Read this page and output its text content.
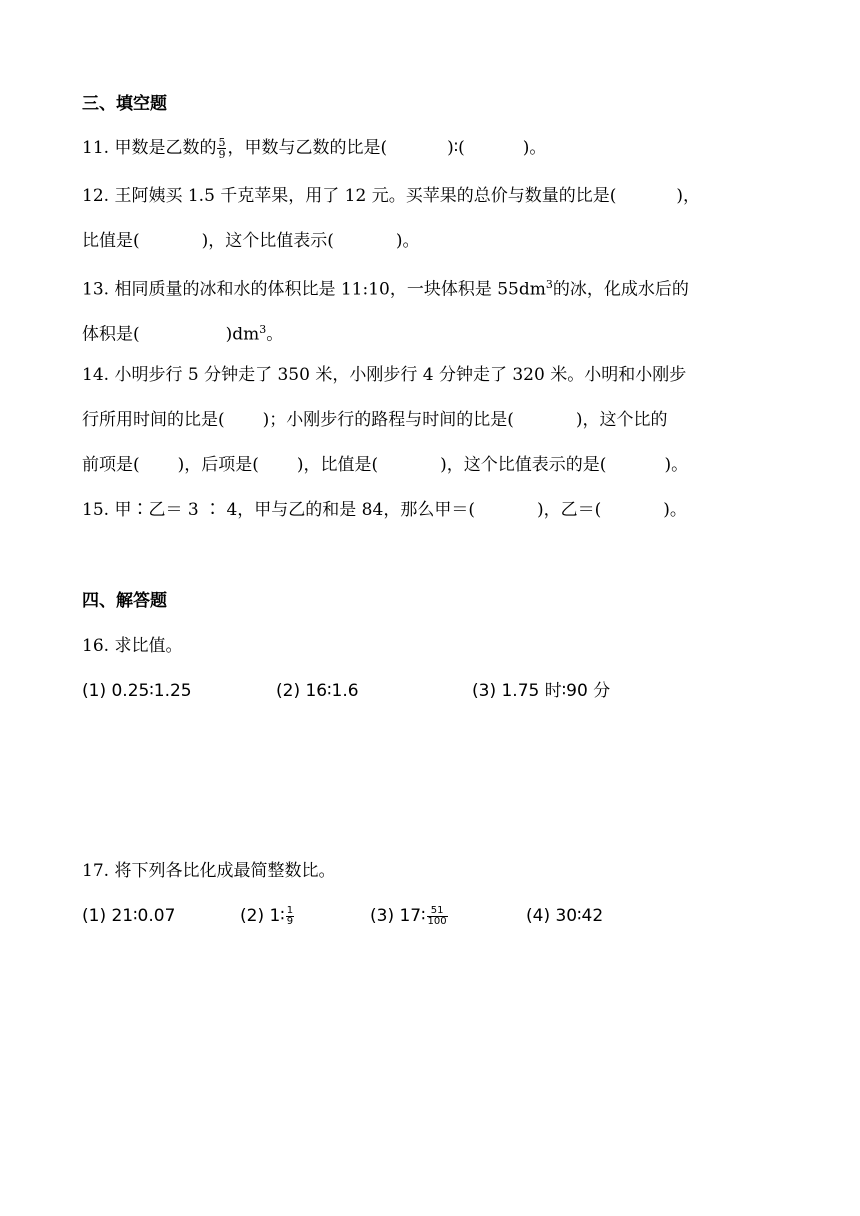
三、填空题
11. 甲数是乙数的 $\frac{5}{9}$ ，甲数与乙数的比是(	)∶(	)。
12. 王阿姨买 1.5 千克苹果，用了 12 元。买苹果的总价与数量的比是(	)，
比值是(	)，这个比值表示(	)。
13. 相同质量的冰和水的体积比是 11:10，一块体积是 $55dm^3$的冰，化成水后的
体积是(	)$dm^3$。
14. 小明步行 5 分钟走了 350 米，小刚步行 4 分钟走了 320 米。小明和小刚步
行所用时间的比是( )；小刚步行的路程与时间的比是(	)，这个比的
前项是( )，后项是( )，比值是(	)，这个比值表示的是(	)。
15. 甲∶乙＝ 3 ∶ 4，甲与乙的和是 84，那么甲＝(	)，乙＝(	)。
四、解答题
16. 求比值。
(1) 0.25∶1.25	(2) 16∶1.6	(3) 1.75 时∶90 分
17. 将下列各比化成最简整数比。
(1) 21∶0.07	(2) 1∶ $\frac{1}{9}$	(3) 17∶ $\frac{51}{100}$	(4) 30∶42
